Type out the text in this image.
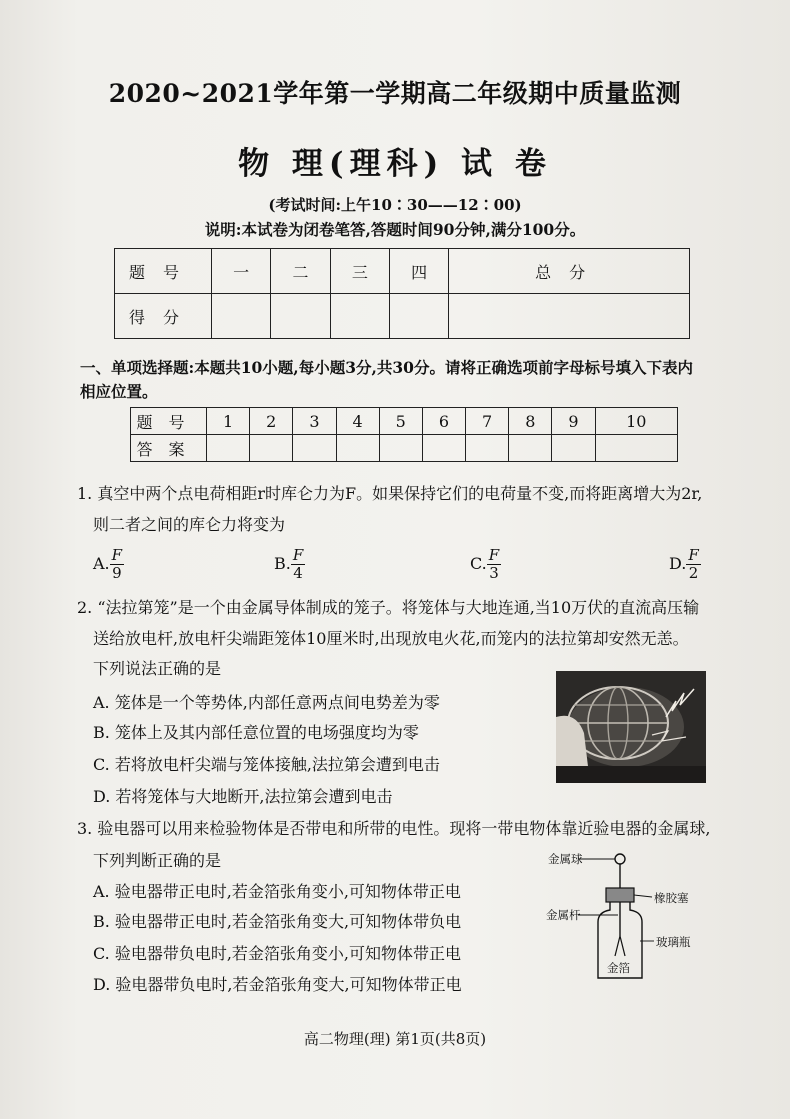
2020~2021学年第一学期高二年级期中质量监测
物 理(理科) 试 卷
(考试时间:上午10∶30——12∶00)
说明:本试卷为闭卷笔答,答题时间90分钟,满分100分。
题号	一	二	三	四	总分
得分					
一、单项选择题:本题共10小题,每小题3分,共30分。请将正确选项前字母标号填入下表内
相应位置。
题号	1	2	3	4	5	6	7	8	9	10
答案										
1. 真空中两个点电荷相距r时库仑力为F。如果保持它们的电荷量不变,而将距离增大为2r,
则二者之间的库仑力将变为
A. $\frac{F}{9}$	B. $\frac{F}{4}$	C. $\frac{F}{3}$	D. $\frac{F}{2}$
2. “法拉第笼”是一个由金属导体制成的笼子。将笼体与大地连通,当10万伏的直流高压输
送给放电杆,放电杆尖端距笼体10厘米时,出现放电火花,而笼内的法拉第却安然无恙。
下列说法正确的是
A. 笼体是一个等势体,内部任意两点间电势差为零
B. 笼体上及其内部任意位置的电场强度均为零
C. 若将放电杆尖端与笼体接触,法拉第会遭到电击
D. 若将笼体与大地断开,法拉第会遭到电击
3. 验电器可以用来检验物体是否带电和所带的电性。现将一带电物体靠近验电器的金属球,
下列判断正确的是
A. 验电器带正电时,若金箔张角变小,可知物体带正电
B. 验电器带正电时,若金箔张角变大,可知物体带负电
C. 验电器带负电时,若金箔张角变小,可知物体带正电
D. 验电器带负电时,若金箔张角变大,可知物体带正电
金属球
橡胶塞
金属杆
玻璃瓶
金箔
高二物理(理) 第1页(共8页)
